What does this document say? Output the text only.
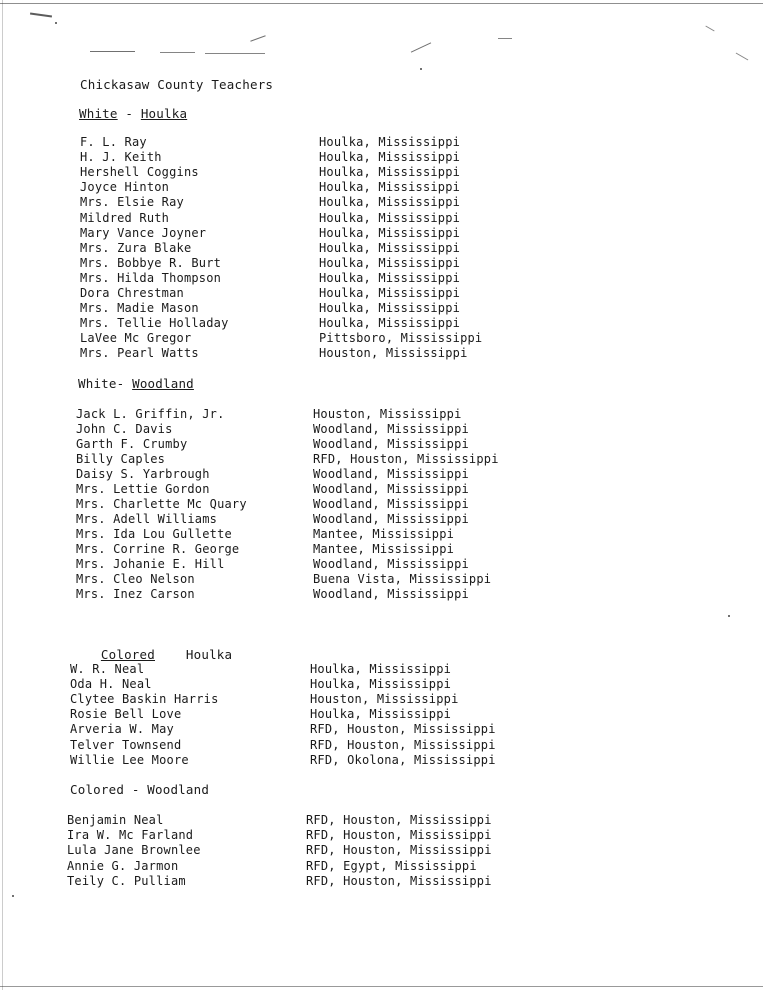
Chickasaw County Teachers
White - Houlka
F. L. Ray	Houlka, Mississippi
H. J. Keith	Houlka, Mississippi
Hershell Coggins	Houlka, Mississippi
Joyce Hinton	Houlka, Mississippi
Mrs. Elsie Ray	Houlka, Mississippi
Mildred Ruth	Houlka, Mississippi
Mary Vance Joyner	Houlka, Mississippi
Mrs. Zura Blake	Houlka, Mississippi
Mrs. Bobbye R. Burt	Houlka, Mississippi
Mrs. Hilda Thompson	Houlka, Mississippi
Dora Chrestman	Houlka, Mississippi
Mrs. Madie Mason	Houlka, Mississippi
Mrs. Tellie Holladay	Houlka, Mississippi
LaVee Mc Gregor	Pittsboro, Mississippi
Mrs. Pearl Watts	Houston, Mississippi
White- Woodland
Jack L. Griffin, Jr.	Houston, Mississippi
John C. Davis	Woodland, Mississippi
Garth F. Crumby	Woodland, Mississippi
Billy Caples	RFD, Houston, Mississippi
Daisy S. Yarbrough	Woodland, Mississippi
Mrs. Lettie Gordon	Woodland, Mississippi
Mrs. Charlette Mc Quary	Woodland, Mississippi
Mrs. Adell Williams	Woodland, Mississippi
Mrs. Ida Lou Gullette	Mantee, Mississippi
Mrs. Corrine R. George	Mantee, Mississippi
Mrs. Johanie E. Hill	Woodland, Mississippi
Mrs. Cleo Nelson	Buena Vista, Mississippi
Mrs. Inez Carson	Woodland, Mississippi

Colored Houlka

W. R. Neal	Houlka, Mississippi
Oda H. Neal	Houlka, Mississippi
Clytee Baskin Harris	Houston, Mississippi
Rosie Bell Love	Houlka, Mississippi
Arveria W. May	RFD, Houston, Mississippi
Telver Townsend	RFD, Houston, Mississippi
Willie Lee Moore	RFD, Okolona, Mississippi
Colored - Woodland
Benjamin Neal	RFD, Houston, Mississippi
Ira W. Mc Farland	RFD, Houston, Mississippi
Lula Jane Brownlee	RFD, Houston, Mississippi
Annie G. Jarmon	RFD, Egypt, Mississippi
Teily C. Pulliam	RFD, Houston, Mississippi
